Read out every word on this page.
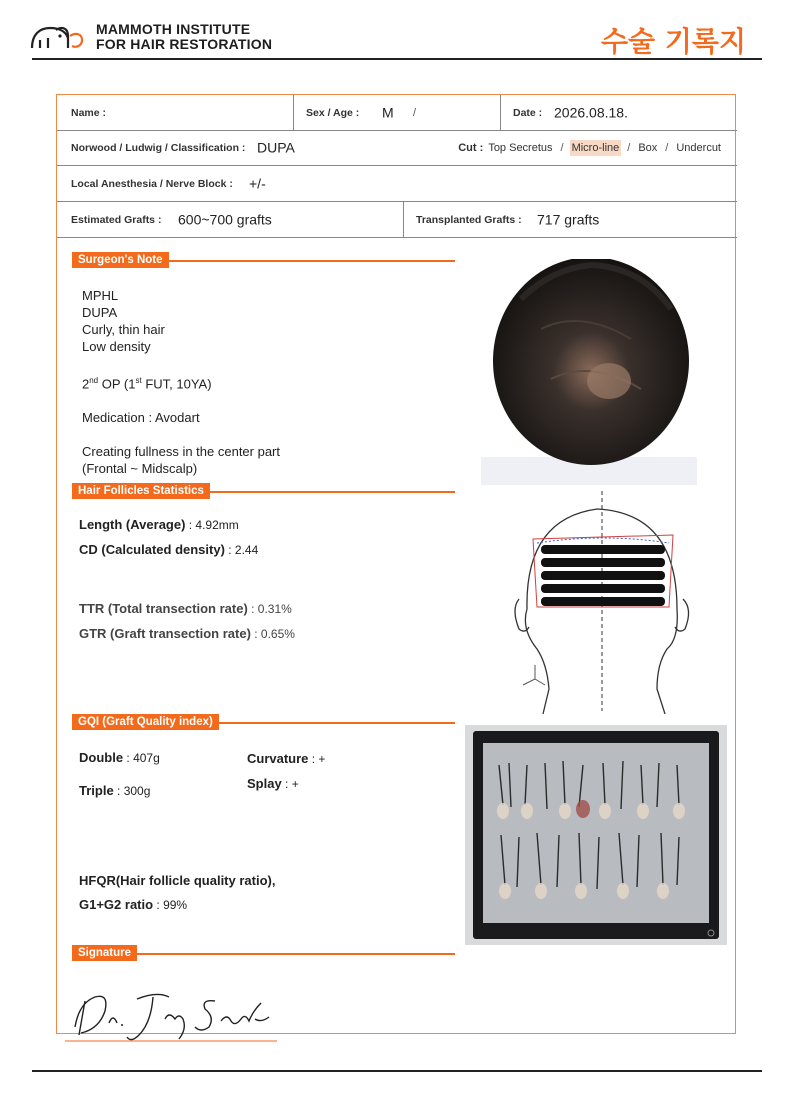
MAMMOTH INSTITUTE
FOR HAIR RESTORATION	수술 기록지
Name :	Sex / Age : M /	Date : 2026.08.18.
Norwood / Ludwig / Classification : DUPA	Cut : Top Secretus / Micro-line / Box / Undercut
Local Anesthesia / Nerve Block : +/-
Estimated Grafts : 600~700 grafts	Transplanted Grafts : 717 grafts
Surgeon's Note
MPHL
DUPA
Curly, thin hair
Low density
2nd OP (1st FUT, 10YA)
Medication : Avodart
Creating fullness in the center part
(Frontal ~ Midscalp)
Hair Follicles Statistics
Length (Average) : 4.92mm
CD (Calculated density) : 2.44
TTR (Total transection rate) : 0.31%
GTR (Graft transection rate) : 0.65%
GQI (Graft Quality index)
Double : 407g
Triple : 300g
Curvature : +
Splay : +
HFQR(Hair follicle quality ratio),
G1+G2 ratio : 99%
Signature
